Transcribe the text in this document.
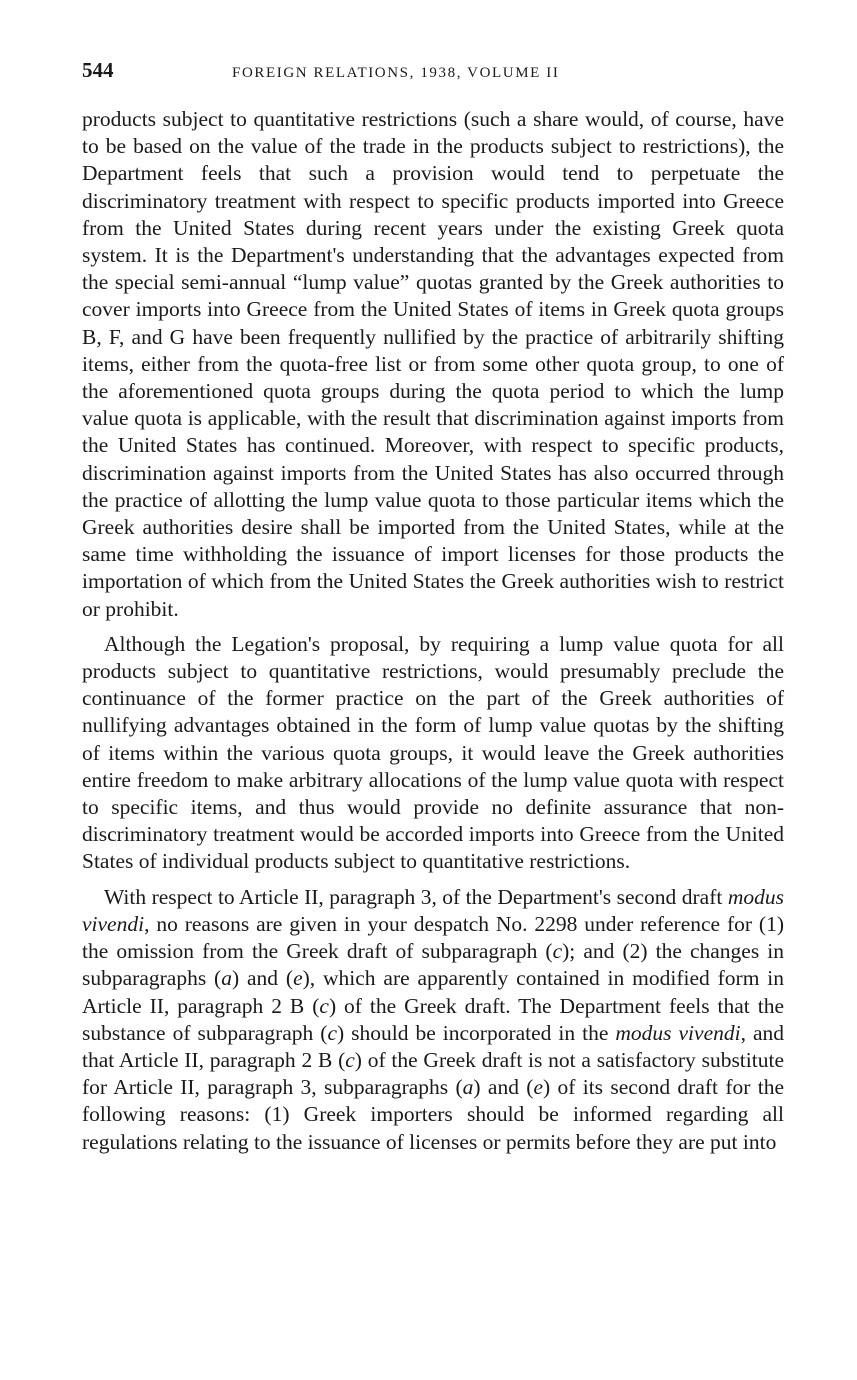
544	FOREIGN RELATIONS, 1938, VOLUME II

products subject to quantitative restrictions (such a share would, of course, have to be based on the value of the trade in the products subject to restrictions), the Department feels that such a provision would tend to perpetuate the discriminatory treatment with respect to specific products imported into Greece from the United States during recent years under the existing Greek quota system. It is the Department's understanding that the advantages expected from the special semi-annual “lump value” quotas granted by the Greek authorities to cover imports into Greece from the United States of items in Greek quota groups B, F, and G have been frequently nullified by the practice of arbitrarily shifting items, either from the quota-free list or from some other quota group, to one of the aforementioned quota groups during the quota period to which the lump value quota is applicable, with the result that discrimination against imports from the United States has continued. Moreover, with respect to specific products, discrimination against imports from the United States has also occurred through the practice of allotting the lump value quota to those particular items which the Greek authorities desire shall be imported from the United States, while at the same time withholding the issuance of import licenses for those products the importation of which from the United States the Greek authorities wish to restrict or prohibit.

Although the Legation's proposal, by requiring a lump value quota for all products subject to quantitative restrictions, would presumably preclude the continuance of the former practice on the part of the Greek authorities of nullifying advantages obtained in the form of lump value quotas by the shifting of items within the various quota groups, it would leave the Greek authorities entire freedom to make arbitrary allocations of the lump value quota with respect to specific items, and thus would provide no definite assurance that non-discriminatory treatment would be accorded imports into Greece from the United States of individual products subject to quantitative restrictions.

With respect to Article II, paragraph 3, of the Department's second draft modus vivendi, no reasons are given in your despatch No. 2298 under reference for (1) the omission from the Greek draft of subparagraph (c); and (2) the changes in subparagraphs (a) and (e), which are apparently contained in modified form in Article II, paragraph 2 B (c) of the Greek draft. The Department feels that the substance of subparagraph (c) should be incorporated in the modus vivendi, and that Article II, paragraph 2 B (c) of the Greek draft is not a satisfactory substitute for Article II, paragraph 3, subparagraphs (a) and (e) of its second draft for the following reasons: (1) Greek importers should be informed regarding all regulations relating to the issuance of licenses or permits before they are put into
